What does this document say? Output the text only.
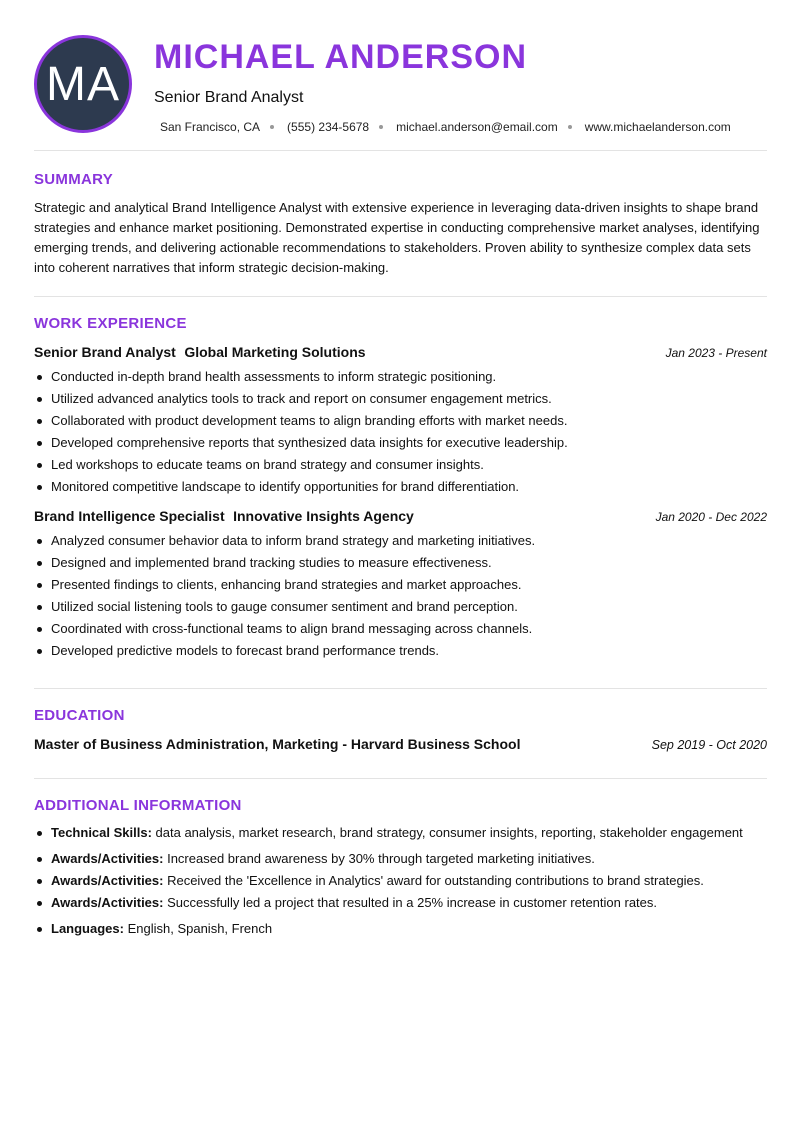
MA
MICHAEL ANDERSON
Senior Brand Analyst
San Francisco, CA (555) 234-5678 michael.anderson@email.com www.michaelanderson.com
SUMMARY

Strategic and analytical Brand Intelligence Analyst with extensive experience in leveraging data-driven insights to shape brand strategies and enhance market positioning. Demonstrated expertise in conducting comprehensive market analyses, identifying emerging trends, and delivering actionable recommendations to stakeholders. Proven ability to synthesize complex data sets into coherent narratives that inform strategic decision-making.

WORK EXPERIENCE
Senior Brand Analyst Global Marketing Solutions	Jan 2023 - Present
Conducted in-depth brand health assessments to inform strategic positioning.
Utilized advanced analytics tools to track and report on consumer engagement metrics.
Collaborated with product development teams to align branding efforts with market needs.
Developed comprehensive reports that synthesized data insights for executive leadership.
Led workshops to educate teams on brand strategy and consumer insights.
Monitored competitive landscape to identify opportunities for brand differentiation.
Brand Intelligence Specialist Innovative Insights Agency	Jan 2020 - Dec 2022
Analyzed consumer behavior data to inform brand strategy and marketing initiatives.
Designed and implemented brand tracking studies to measure effectiveness.
Presented findings to clients, enhancing brand strategies and market approaches.
Utilized social listening tools to gauge consumer sentiment and brand perception.
Coordinated with cross-functional teams to align brand messaging across channels.
Developed predictive models to forecast brand performance trends.
EDUCATION
Master of Business Administration, Marketing - Harvard Business School	Sep 2019 - Oct 2020
ADDITIONAL INFORMATION
Technical Skills: data analysis, market research, brand strategy, consumer insights, reporting, stakeholder engagement
Awards/Activities: Increased brand awareness by 30% through targeted marketing initiatives.
Awards/Activities: Received the 'Excellence in Analytics' award for outstanding contributions to brand strategies.
Awards/Activities: Successfully led a project that resulted in a 25% increase in customer retention rates.
Languages: English, Spanish, French
